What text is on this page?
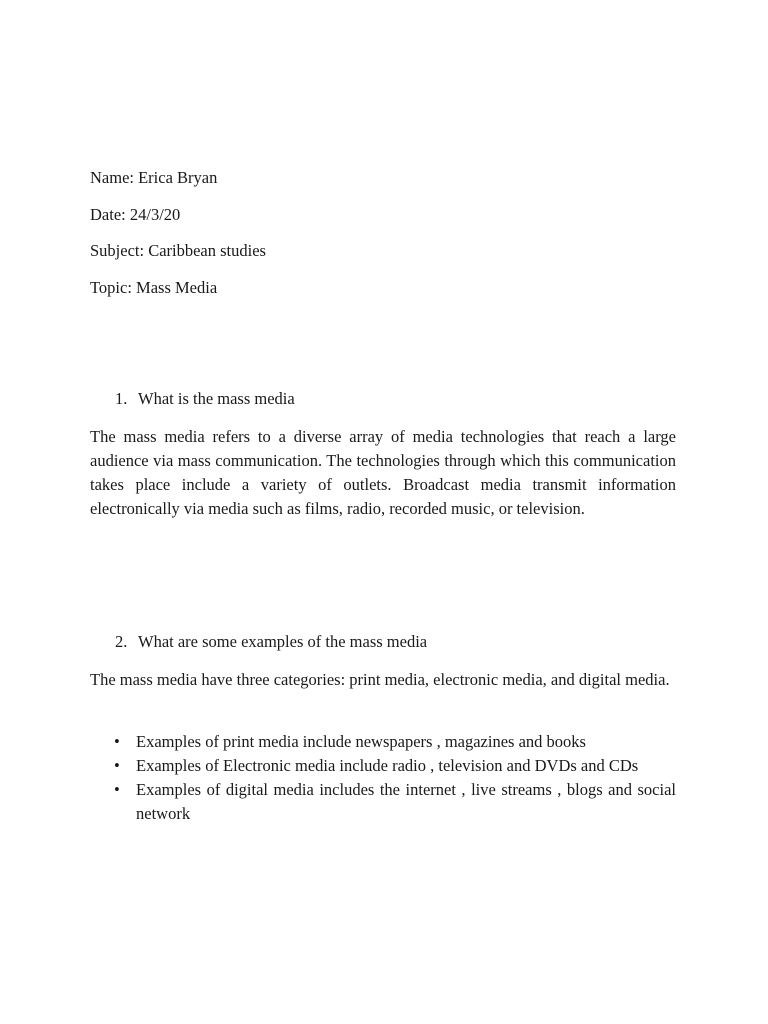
Name: Erica Bryan
Date: 24/3/20
Subject: Caribbean studies
Topic: Mass Media
1. What is the mass media
The mass media refers to a diverse array of media technologies that reach a large audience via mass communication. The technologies through which this communication takes place include a variety of outlets. Broadcast media transmit information electronically via media such as films, radio, recorded music, or television.
2. What are some examples of the mass media
The mass media have three categories: print media, electronic media, and digital media.
• Examples of print media include newspapers , magazines and books
• Examples of Electronic media include radio , television and DVDs and CDs
• Examples of digital media includes the internet , live streams , blogs and social network
